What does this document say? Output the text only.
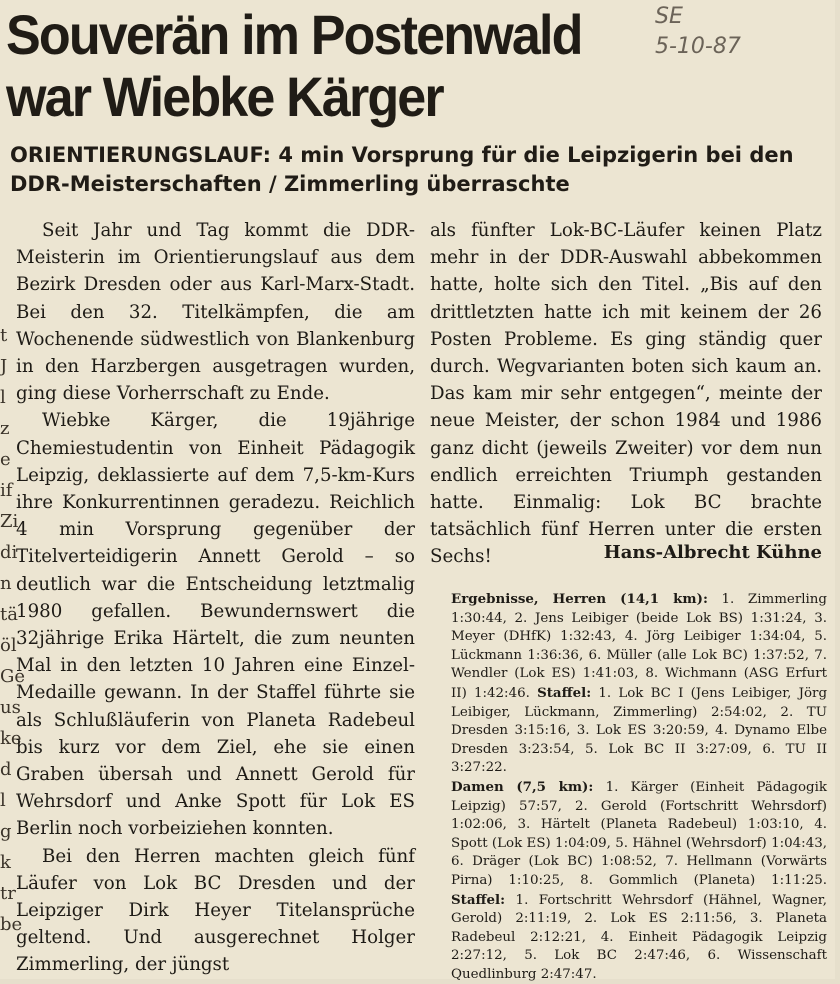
t
J
l
z
e
if
Zi
di
n
tä
öl
Ge
us
ke
d
l
g
k
tr
be
Souverän im Postenwald war Wiebke Kärger
SE
5-10-87
ORIENTIERUNGSLAUF: 4 min Vorsprung für die Leipzigerin bei den DDR-Meisterschaften / Zimmerling überraschte

Seit Jahr und Tag kommt die DDR-Meisterin im Orientierungslauf aus dem Bezirk Dresden oder aus Karl-Marx-Stadt. Bei den 32. Titelkämpfen, die am Wochenende südwestlich von Blankenburg in den Harzbergen ausgetragen wurden, ging diese Vorherrschaft zu Ende.

Wiebke Kärger, die 19jährige Chemiestudentin von Einheit Pädagogik Leipzig, deklassierte auf dem 7,5-km-Kurs ihre Konkurrentinnen geradezu. Reichlich 4 min Vorsprung gegenüber der Titelverteidigerin Annett Gerold – so deutlich war die Entscheidung letztmalig 1980 gefallen. Bewundernswert die 32jährige Erika Härtelt, die zum neunten Mal in den letzten 10 Jahren eine Einzel-Medaille gewann. In der Staffel führte sie als Schlußläuferin von Planeta Radebeul bis kurz vor dem Ziel, ehe sie einen Graben übersah und Annett Gerold für Wehrsdorf und Anke Spott für Lok ES Berlin noch vorbeiziehen konnten.

Bei den Herren machten gleich fünf Läufer von Lok BC Dresden und der Leipziger Dirk Heyer Titelansprüche geltend. Und ausgerechnet Holger Zimmerling, der jüngst

als fünfter Lok-BC-Läufer keinen Platz mehr in der DDR-Auswahl abbekommen hatte, holte sich den Titel. „Bis auf den drittletzten hatte ich mit keinem der 26 Posten Probleme. Es ging ständig quer durch. Wegvarianten boten sich kaum an. Das kam mir sehr entgegen“, meinte der neue Meister, der schon 1984 und 1986 ganz dicht (jeweils Zweiter) vor dem nun endlich erreichten Triumph gestanden hatte. Einmalig: Lok BC brachte tatsächlich fünf Herren unter die ersten Sechs!	Hans-Albrecht Kühne

Ergebnisse, Herren (14,1 km): 1. Zimmerling 1:30:44, 2. Jens Leibiger (beide Lok BS) 1:31:24, 3. Meyer (DHfK) 1:32:43, 4. Jörg Leibiger 1:34:04, 5. Lückmann 1:36:36, 6. Müller (alle Lok BC) 1:37:52, 7. Wendler (Lok ES) 1:41:03, 8. Wichmann (ASG Erfurt II) 1:42:46. Staffel: 1. Lok BC I (Jens Leibiger, Jörg Leibiger, Lückmann, Zimmerling) 2:54:02, 2. TU Dresden 3:15:16, 3. Lok ES 3:20:59, 4. Dynamo Elbe Dresden 3:23:54, 5. Lok BC II 3:27:09, 6. TU II 3:27:22.

Damen (7,5 km): 1. Kärger (Einheit Pädagogik Leipzig) 57:57, 2. Gerold (Fortschritt Wehrsdorf) 1:02:06, 3. Härtelt (Planeta Radebeul) 1:03:10, 4. Spott (Lok ES) 1:04:09, 5. Hähnel (Wehrsdorf) 1:04:43, 6. Dräger (Lok BC) 1:08:52, 7. Hellmann (Vorwärts Pirna) 1:10:25, 8. Gommlich (Planeta) 1:11:25. Staffel: 1. Fortschritt Wehrsdorf (Hähnel, Wagner, Gerold) 2:11:19, 2. Lok ES 2:11:56, 3. Planeta Radebeul 2:12:21, 4. Einheit Pädagogik Leipzig 2:27:12, 5. Lok BC 2:47:46, 6. Wissenschaft Quedlinburg 2:47:47.
